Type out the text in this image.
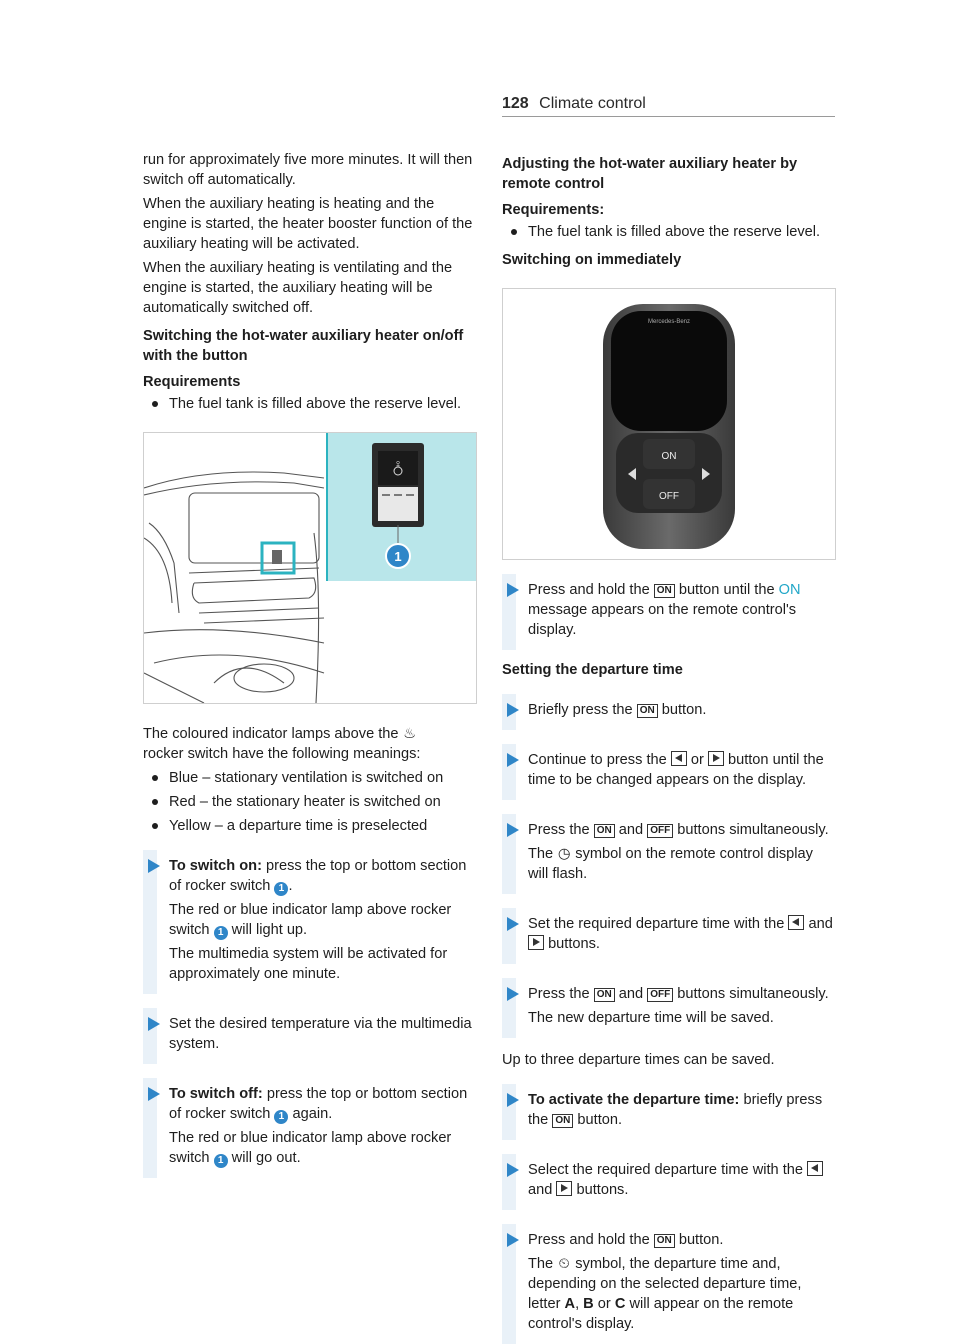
128 Climate control

run for approximately five more minutes. It will then switch off automatically.

When the auxiliary heating is heating and the engine is started, the heater booster function of the auxiliary heating will be activated.

When the auxiliary heating is ventilating and the engine is started, the auxiliary heating will be automatically switched off.

Switching the hot-water auxiliary heater on/off with the button
Requirements
The fuel tank is filled above the reserve level.
ꔍ
1

The coloured indicator lamps above the ♨
rocker switch have the following meanings:

Blue – stationary ventilation is switched on
Red – the stationary heater is switched on
Yellow – a departure time is preselected

To switch on: press the top or bottom section of rocker switch 1 .

The red or blue indicator lamp above rocker switch 1 will light up.

The multimedia system will be activated for approximately one minute.

Set the desired temperature via the multimedia system.

To switch off: press the top or bottom section of rocker switch 1 again.

The red or blue indicator lamp above rocker switch 1 will go out.

Adjusting the hot-water auxiliary heater by remote control
Requirements:
The fuel tank is filled above the reserve level.
Switching on immediately
Mercedes-Benz
ON
OFF

Press and hold the ON button until the ON message appears on the remote control's display.

Setting the departure time

Briefly press the ON button.

Continue to press the or button until the time to be changed appears on the display.

Press the ON and OFF buttons simultaneously.

The ◷ symbol on the remote control display will flash.

Set the required departure time with the and  buttons.

Press the ON and OFF buttons simultaneously.

The new departure time will be saved.

Up to three departure times can be saved.

To activate the departure time: briefly press the ON button.

Select the required departure time with the  and buttons.

Press and hold the ON button.

The ⏲ symbol, the departure time and, depending on the selected departure time, letter A, B or C will appear on the remote control's display.
